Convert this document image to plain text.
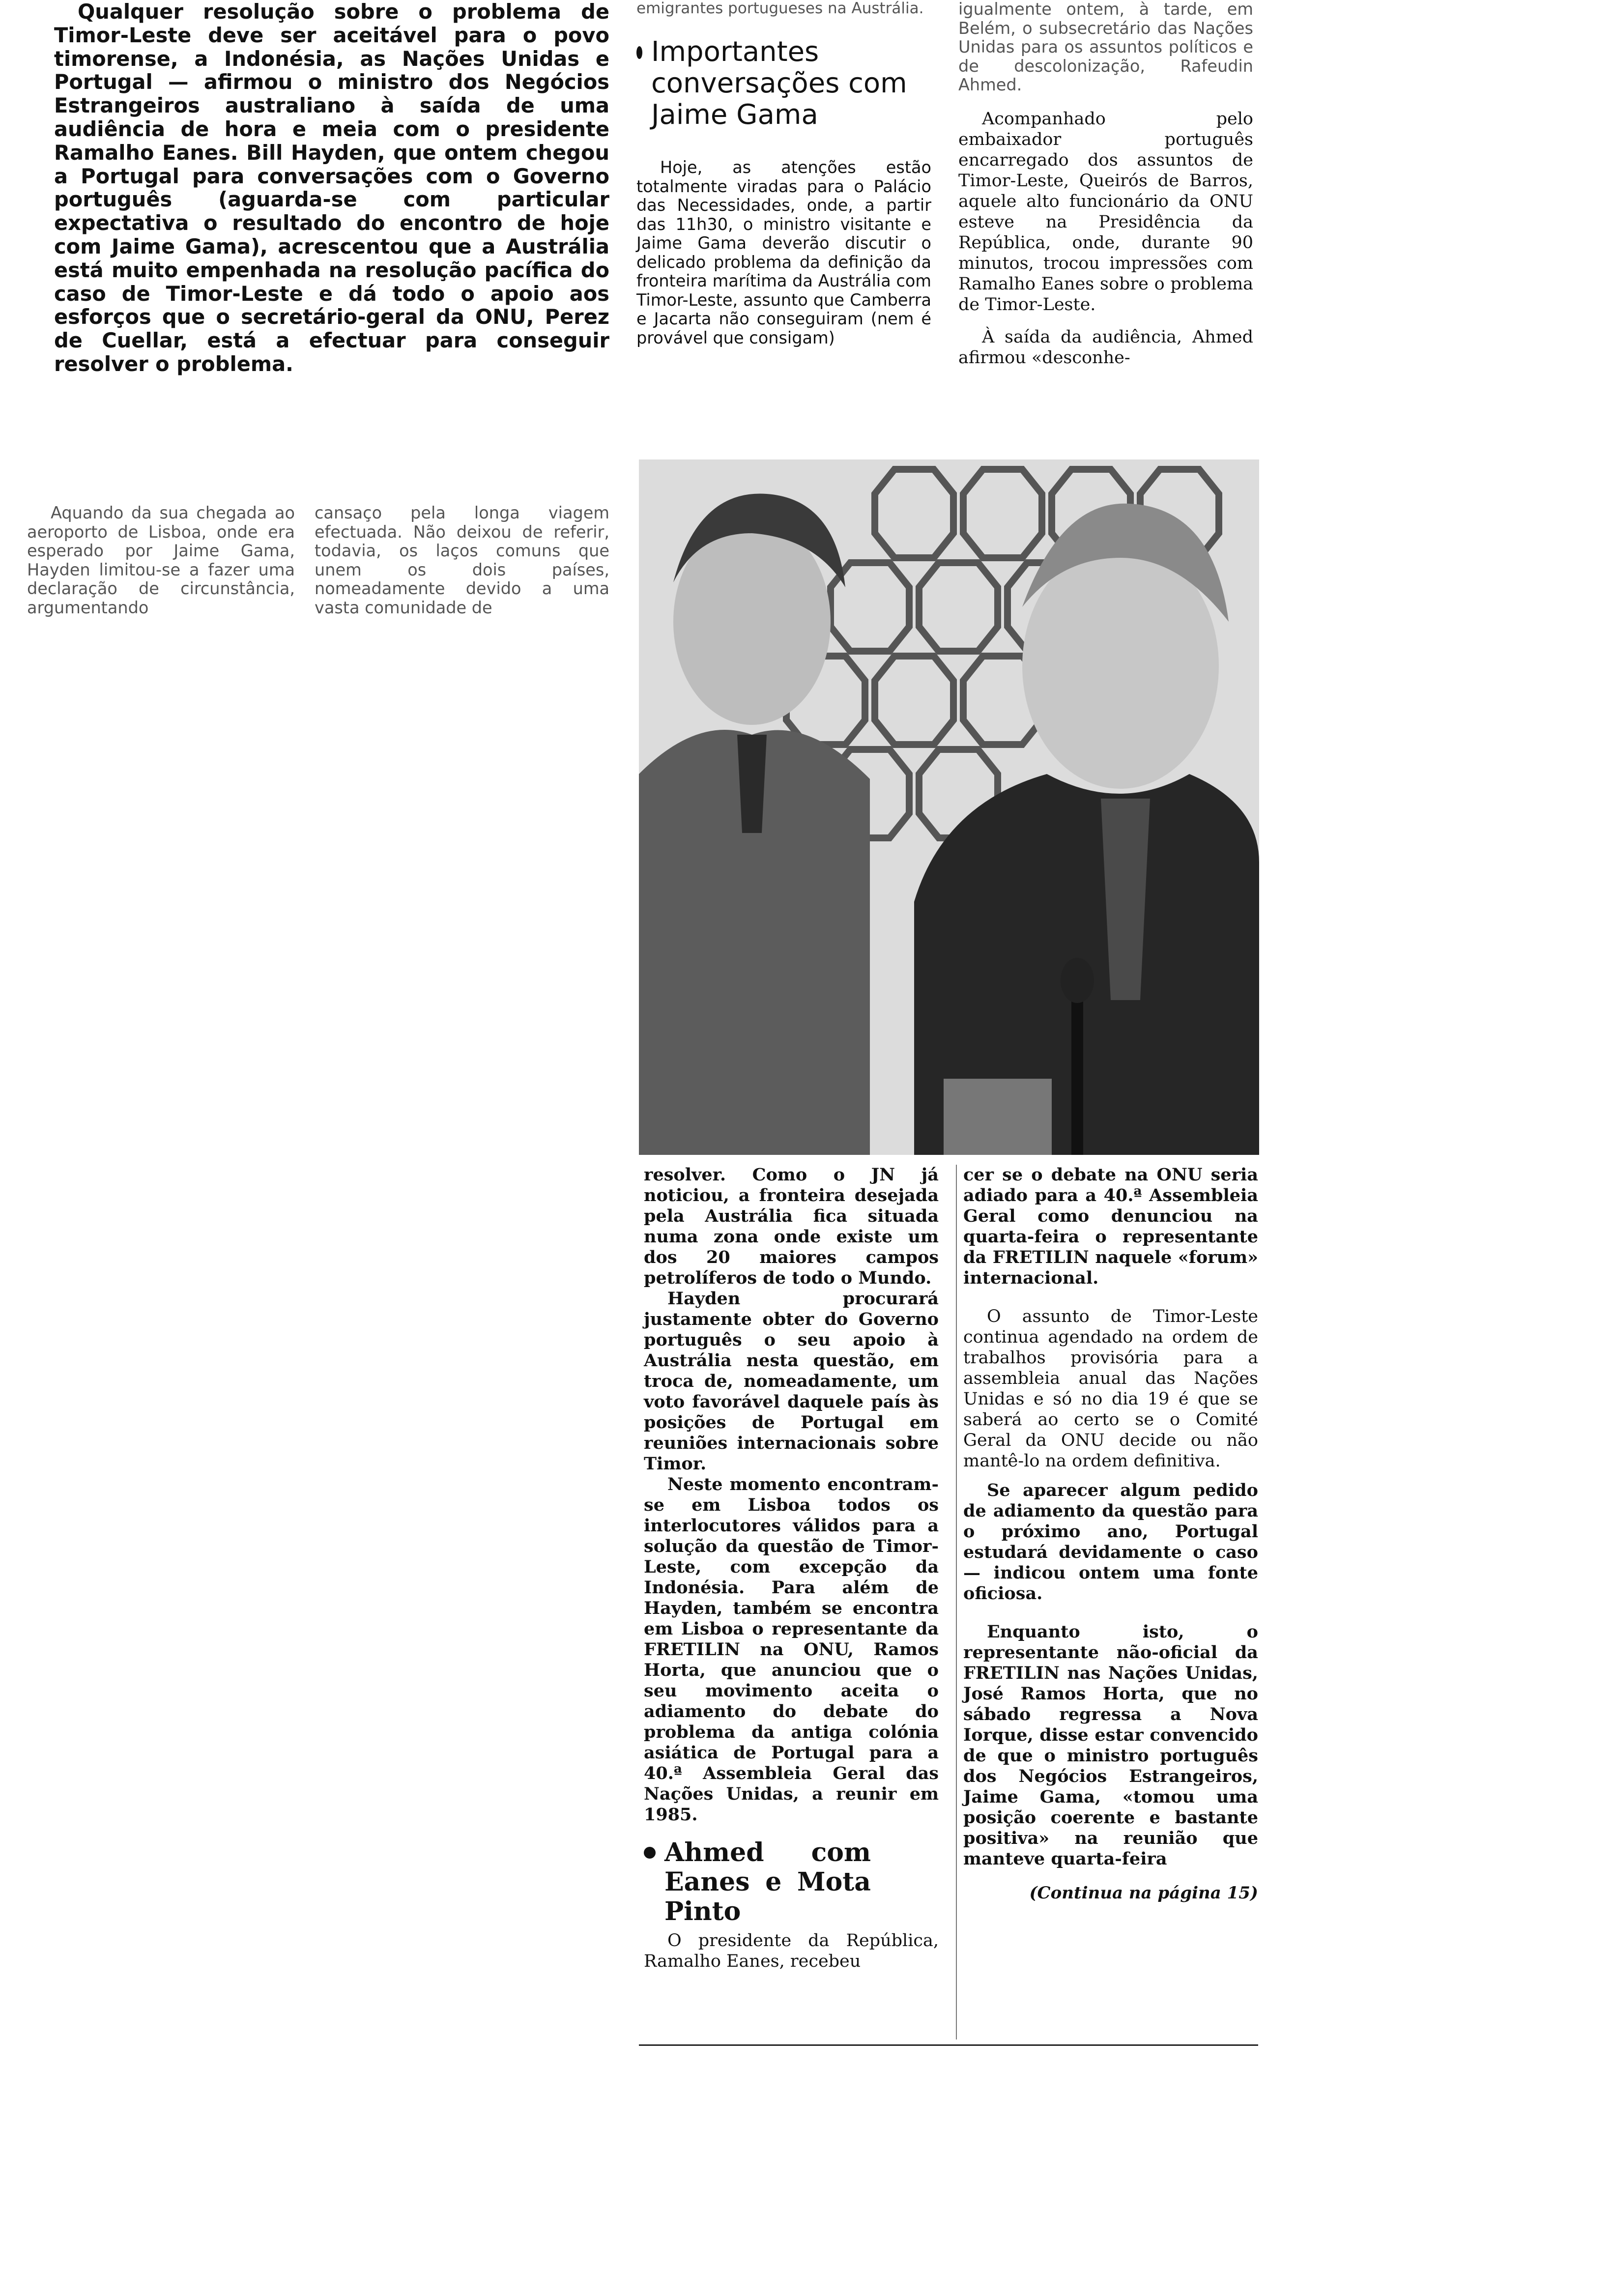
Qualquer resolução sobre o problema de Timor-Leste deve ser aceitável para o povo timorense, a Indonésia, as Nações Unidas e Portugal — afirmou o ministro dos Negócios Estrangeiros australiano à saída de uma audiência de hora e meia com o presidente Ramalho Eanes. Bill Hayden, que ontem chegou a Portugal para conversações com o Governo português (aguarda-se com particular expectativa o resultado do encontro de hoje com Jaime Gama), acrescentou que a Austrália está muito empenhada na resolução pacífica do caso de Timor-Leste e dá todo o apoio aos esforços que o secretário-geral da ONU, Perez de Cuellar, está a efectuar para conseguir resolver o problema.

Aquando da sua chegada ao aeroporto de Lisboa, onde era esperado por Jaime Gama, Hayden limitou-se a fazer uma declaração de circunstância, argumentando

cansaço pela longa viagem efectuada. Não deixou de referir, todavia, os laços comuns que unem os dois países, nomeadamente devido a uma vasta comunidade de

emigrantes portugueses na Austrália.

Importantes conversações com Jaime Gama

Hoje, as atenções estão totalmente viradas para o Palácio das Necessidades, onde, a partir das 11h30, o ministro visitante e Jaime Gama deverão discutir o delicado problema da definição da fronteira marítima da Austrália com Timor-Leste, assunto que Camberra e Jacarta não conseguiram (nem é provável que consigam)

igualmente ontem, à tarde, em Belém, o subsecretário das Nações Unidas para os assuntos políticos e de descolonização, Rafeudin Ahmed.

Acompanhado pelo embaixador português encarregado dos assuntos de Timor-Leste, Queirós de Barros, aquele alto funcionário da ONU esteve na Presidência da República, onde, durante 90 minutos, trocou impressões com Ramalho Eanes sobre o problema de Timor-Leste.

À saída da audiência, Ahmed afirmou «desconhe-

resolver. Como o JN já noticiou, a fronteira desejada pela Austrália fica situada numa zona onde existe um dos 20 maiores campos petrolíferos de todo o Mundo.

Hayden procurará justamente obter do Governo português o seu apoio à Austrália nesta questão, em troca de, nomeadamente, um voto favorável daquele país às posições de Portugal em reuniões internacionais sobre Timor.

Neste momento encontram-se em Lisboa todos os interlocutores válidos para a solução da questão de Timor-Leste, com excepção da Indonésia. Para além de Hayden, também se encontra em Lisboa o representante da FRETILIN na ONU, Ramos Horta, que anunciou que o seu movimento aceita o adiamento do debate do problema da antiga colónia asiática de Portugal para a 40.ª Assembleia Geral das Nações Unidas, a reunir em 1985.

Ahmed com Eanes e Mota Pinto

O presidente da República, Ramalho Eanes, recebeu

cer se o debate na ONU seria adiado para a 40.ª Assembleia Geral como denunciou na quarta-feira o representante da FRETILIN naquele «forum» internacional.

O assunto de Timor-Leste continua agendado na ordem de trabalhos provisória para a assembleia anual das Nações Unidas e só no dia 19 é que se saberá ao certo se o Comité Geral da ONU decide ou não mantê-lo na ordem definitiva.

Se aparecer algum pedido de adiamento da questão para o próximo ano, Portugal estudará devidamente o caso — indicou ontem uma fonte oficiosa.

Enquanto isto, o representante não-oficial da FRETILIN nas Nações Unidas, José Ramos Horta, que no sábado regressa a Nova Iorque, disse estar convencido de que o ministro português dos Negócios Estrangeiros, Jaime Gama, «tomou uma posição coerente e bastante positiva» na reunião que manteve quarta-feira

(Continua na página 15)
